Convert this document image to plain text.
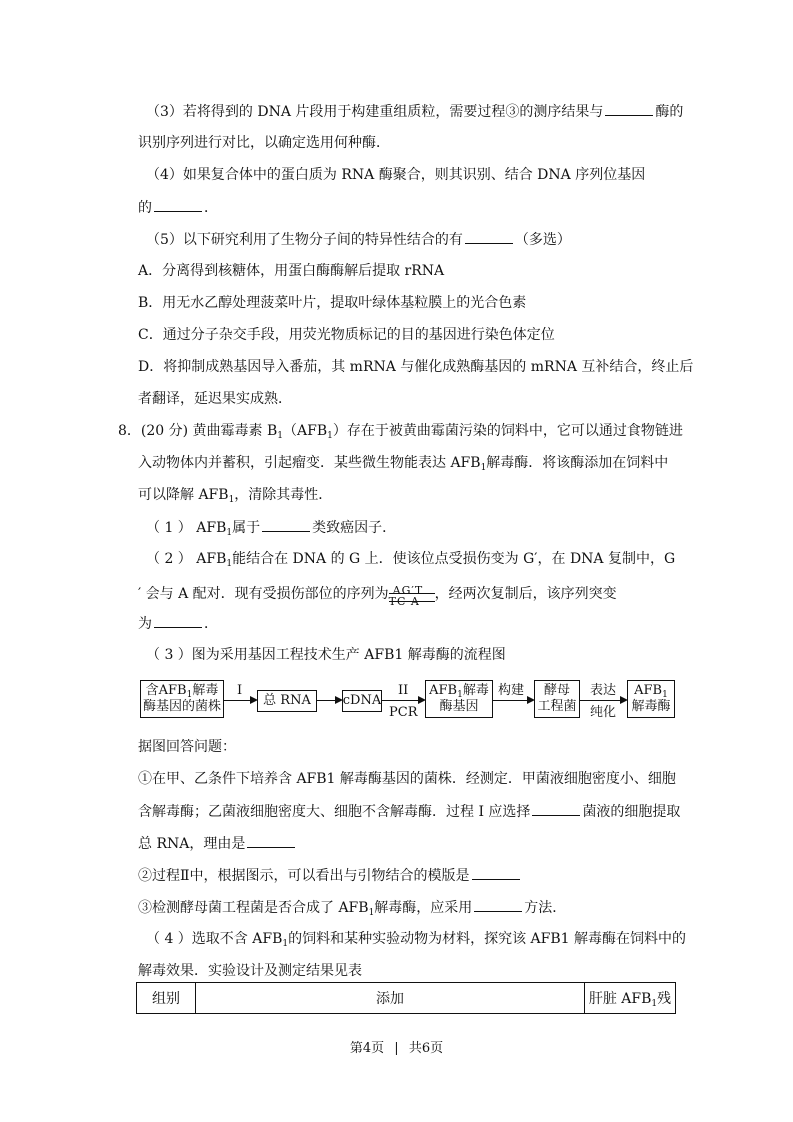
（3）若将得到的 DNA 片段用于构建重组质粒，需要过程③的测序结果与	酶的
识别序列进行对比，以确定选用何种酶．
（4）如果复合体中的蛋白质为 RNA 酶聚合，则其识别、结合 DNA 序列位基因
的	．
（5）以下研究利用了生物分子间的特异性结合的有	（多选）
A．分离得到核糖体，用蛋白酶酶解后提取 rRNA
B．用无水乙醇处理菠菜叶片，提取叶绿体基粒膜上的光合色素
C．通过分子杂交手段，用荧光物质标记的目的基因进行染色体定位
D．将抑制成熟基因导入番茄，其 mRNA 与催化成熟酶基因的 mRNA 互补结合，终止后
者翻译，延迟果实成熟．
8．(20 分) 黄曲霉毒素 $B_1(AFB_1)$存在于被黄曲霉菌污染的饲料中，它可以通过食物链进
入动物体内并蓄积，引起瘤变．某些微生物能表达 $AFB_1$解毒酶．将该酶添加在饲料中
可以降解 $AFB_1$，清除其毒性．
（ 1 ） $AFB_1$属于	类致癌因子．
（ 2 ） $AFB_1$能结合在 DNA 的 G 上．使该位点受损伤变为 G′，在 DNA 复制中，G
′ 会与 A 配对．现有受损伤部位的序列为 AG′T
TC A ，经两次复制后，该序列突变
为	．
（ 3 ）图为采用基因工程技术生产 AFB1 解毒酶的流程图
含$AFB_1$解毒
酶基因的菌株
I
总 RNA cDNA
II
PCR
$AFB_1$解毒
酶基因
构建 酵母
工程菌
表达
纯化
$AFB_1$
解毒酶
据图回答问题：
①在甲、乙条件下培养含 AFB1 解毒酶基因的菌株．经测定．甲菌液细胞密度小、细胞
含解毒酶；乙菌液细胞密度大、细胞不含解毒酶．过程 I 应选择	菌液的细胞提取
总 RNA，理由是
②过程Ⅱ中，根据图示，可以看出与引物结合的模版是
③检测酵母菌工程菌是否合成了 $AFB_1$解毒酶，应采用	方法．
（ 4 ）选取不含 $AFB_1$的饲料和某种实验动物为材料，探究该 AFB1 解毒酶在饲料中的
解毒效果．实验设计及测定结果见表
组别	添加	肝脏 $AFB_1$残
第4页 | 共6页
